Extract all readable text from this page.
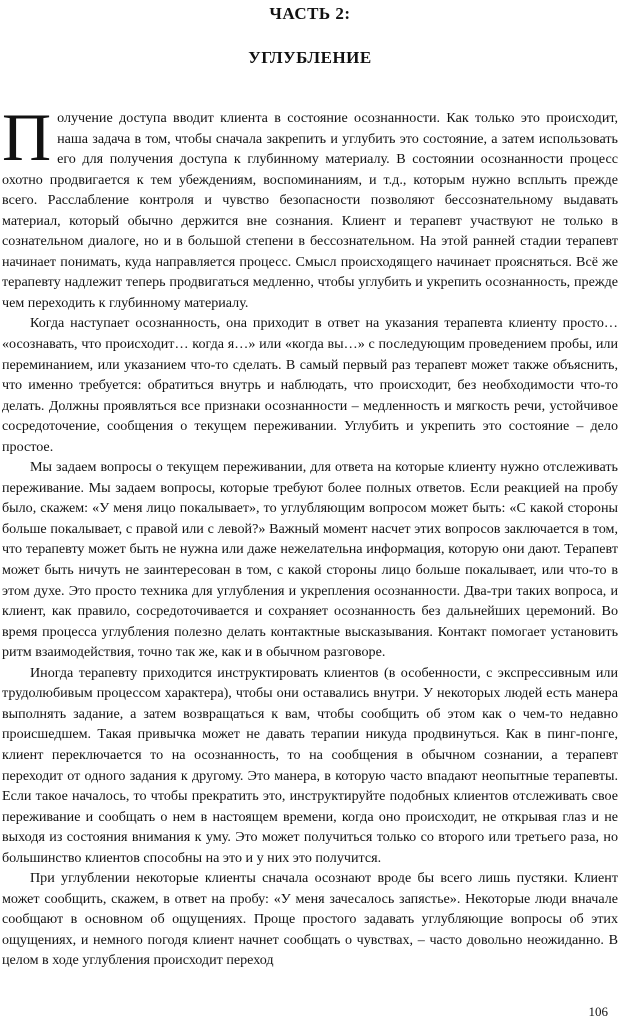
ЧАСТЬ 2:
УГЛУБЛЕНИЕ

Получение доступа вводит клиента в состояние осознанности. Как только это происходит, наша задача в том, чтобы сначала закрепить и углубить это состояние, а затем использовать его для получения доступа к глубинному материалу. В состоянии осознанности процесс охотно продвигается к тем убеждениям, воспоминаниям, и т.д., которым нужно всплыть прежде всего. Расслабление контроля и чувство безопасности позволяют бессознательному выдавать материал, который обычно держится вне сознания. Клиент и терапевт участвуют не только в сознательном диалоге, но и в большой степени в бессознательном. На этой ранней стадии терапевт начинает понимать, куда направляется процесс. Смысл происходящего начинает проясняться. Всё же терапевту надлежит теперь продвигаться медленно, чтобы углубить и укрепить осознанность, прежде чем переходить к глубинному материалу.

Когда наступает осознанность, она приходит в ответ на указания терапевта клиенту просто… «осознавать, что происходит… когда я…» или «когда вы…» с последующим проведением пробы, или переминанием, или указанием что-то сделать. В самый первый раз терапевт может также объяснить, что именно требуется: обратиться внутрь и наблюдать, что происходит, без необходимости что-то делать. Должны проявляться все признаки осознанности – медленность и мягкость речи, устойчивое сосредоточение, сообщения о текущем переживании. Углубить и укрепить это состояние – дело простое.

Мы задаем вопросы о текущем переживании, для ответа на которые клиенту нужно отслеживать переживание. Мы задаем вопросы, которые требуют более полных ответов. Если реакцией на пробу было, скажем: «У меня лицо покалывает», то углубляющим вопросом может быть: «С какой стороны больше покалывает, с правой или с левой?» Важный момент насчет этих вопросов заключается в том, что терапевту может быть не нужна или даже нежелательна информация, которую они дают. Терапевт может быть ничуть не заинтересован в том, с какой стороны лицо больше покалывает, или что-то в этом духе. Это просто техника для углубления и укрепления осознанности. Два-три таких вопроса, и клиент, как правило, сосредоточивается и сохраняет осознанность без дальнейших церемоний. Во время процесса углубления полезно делать контактные высказывания. Контакт помогает установить ритм взаимодействия, точно так же, как и в обычном разговоре.

Иногда терапевту приходится инструктировать клиентов (в особенности, с экспрессивным или трудолюбивым процессом характера), чтобы они оставались внутри. У некоторых людей есть манера выполнять задание, а затем возвращаться к вам, чтобы сообщить об этом как о чем-то недавно происшедшем. Такая привычка может не давать терапии никуда продвинуться. Как в пинг-понге, клиент переключается то на осознанность, то на сообщения в обычном сознании, а терапевт переходит от одного задания к другому. Это манера, в которую часто впадают неопытные терапевты. Если такое началось, то чтобы прекратить это, инструктируйте подобных клиентов отслеживать свое переживание и сообщать о нем в настоящем времени, когда оно происходит, не открывая глаз и не выходя из состояния внимания к уму. Это может получиться только со второго или третьего раза, но большинство клиентов способны на это и у них это получится.

При углублении некоторые клиенты сначала осознают вроде бы всего лишь пустяки. Клиент может сообщить, скажем, в ответ на пробу: «У меня зачесалось запястье». Некоторые люди вначале сообщают в основном об ощущениях. Проще простого задавать углубляющие вопросы об этих ощущениях, и немного погодя клиент начнет сообщать о чувствах, – часто довольно неожиданно. В целом в ходе углубления происходит переход

106
